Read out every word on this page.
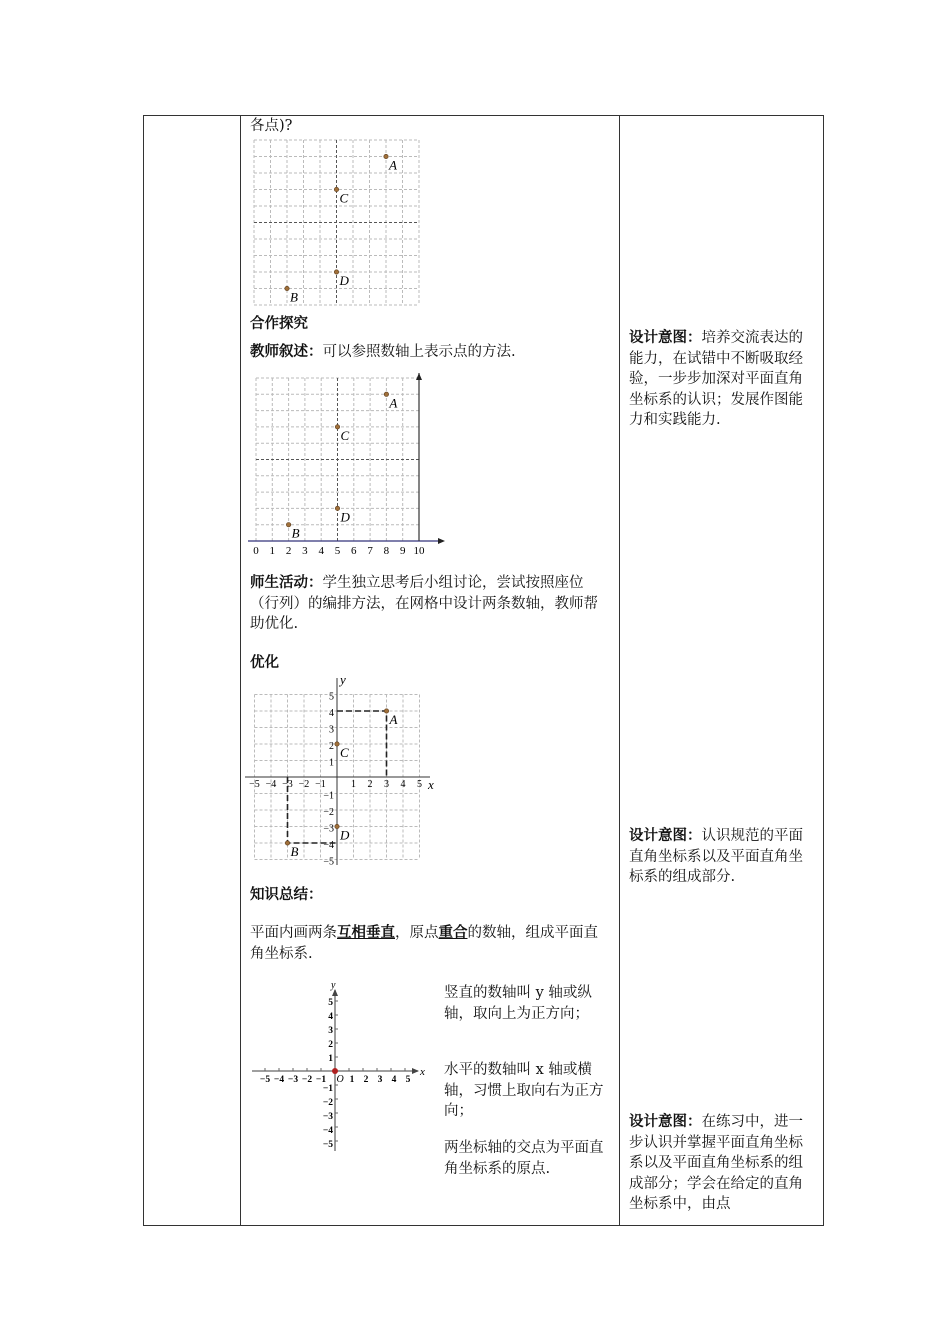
各点)?
A
C
D
B
0 1 2 3 4 5 6 7 8 9 10
A
C
D
B
x
y
−5
−5
−4
−4
−3
−3
−2
−2
−1
−1
1
1
2
2
3
3
4
4
5
5
A
C
D
B
x
y
O
−5
−5
−4
−4
−3
−3
−2
−2
−1
−1
1
1
2
2
3
3
4
4
5
5
合作探究
教师叙述：可以参照数轴上表示点的方法.
师生活动：学生独立思考后小组讨论，尝试按照座位（行列）的编排方法，在网格中设计两条数轴，教师帮助优化.
优化
知识总结：
平面内画两条互相垂直，原点重合的数轴，组成平面直角坐标系.
竖直的数轴叫 y 轴或纵轴，取向上为正方向；
水平的数轴叫 x 轴或横轴，习惯上取向右为正方向；
两坐标轴的交点为平面直角坐标系的原点.
设计意图：培养交流表达的能力，在试错中不断吸取经验，一步步加深对平面直角坐标系的认识；发展作图能力和实践能力.
设计意图：认识规范的平面直角坐标系以及平面直角坐标系的组成部分.
设计意图：在练习中，进一步认识并掌握平面直角坐标系以及平面直角坐标系的组成部分；学会在给定的直角坐标系中，由点
